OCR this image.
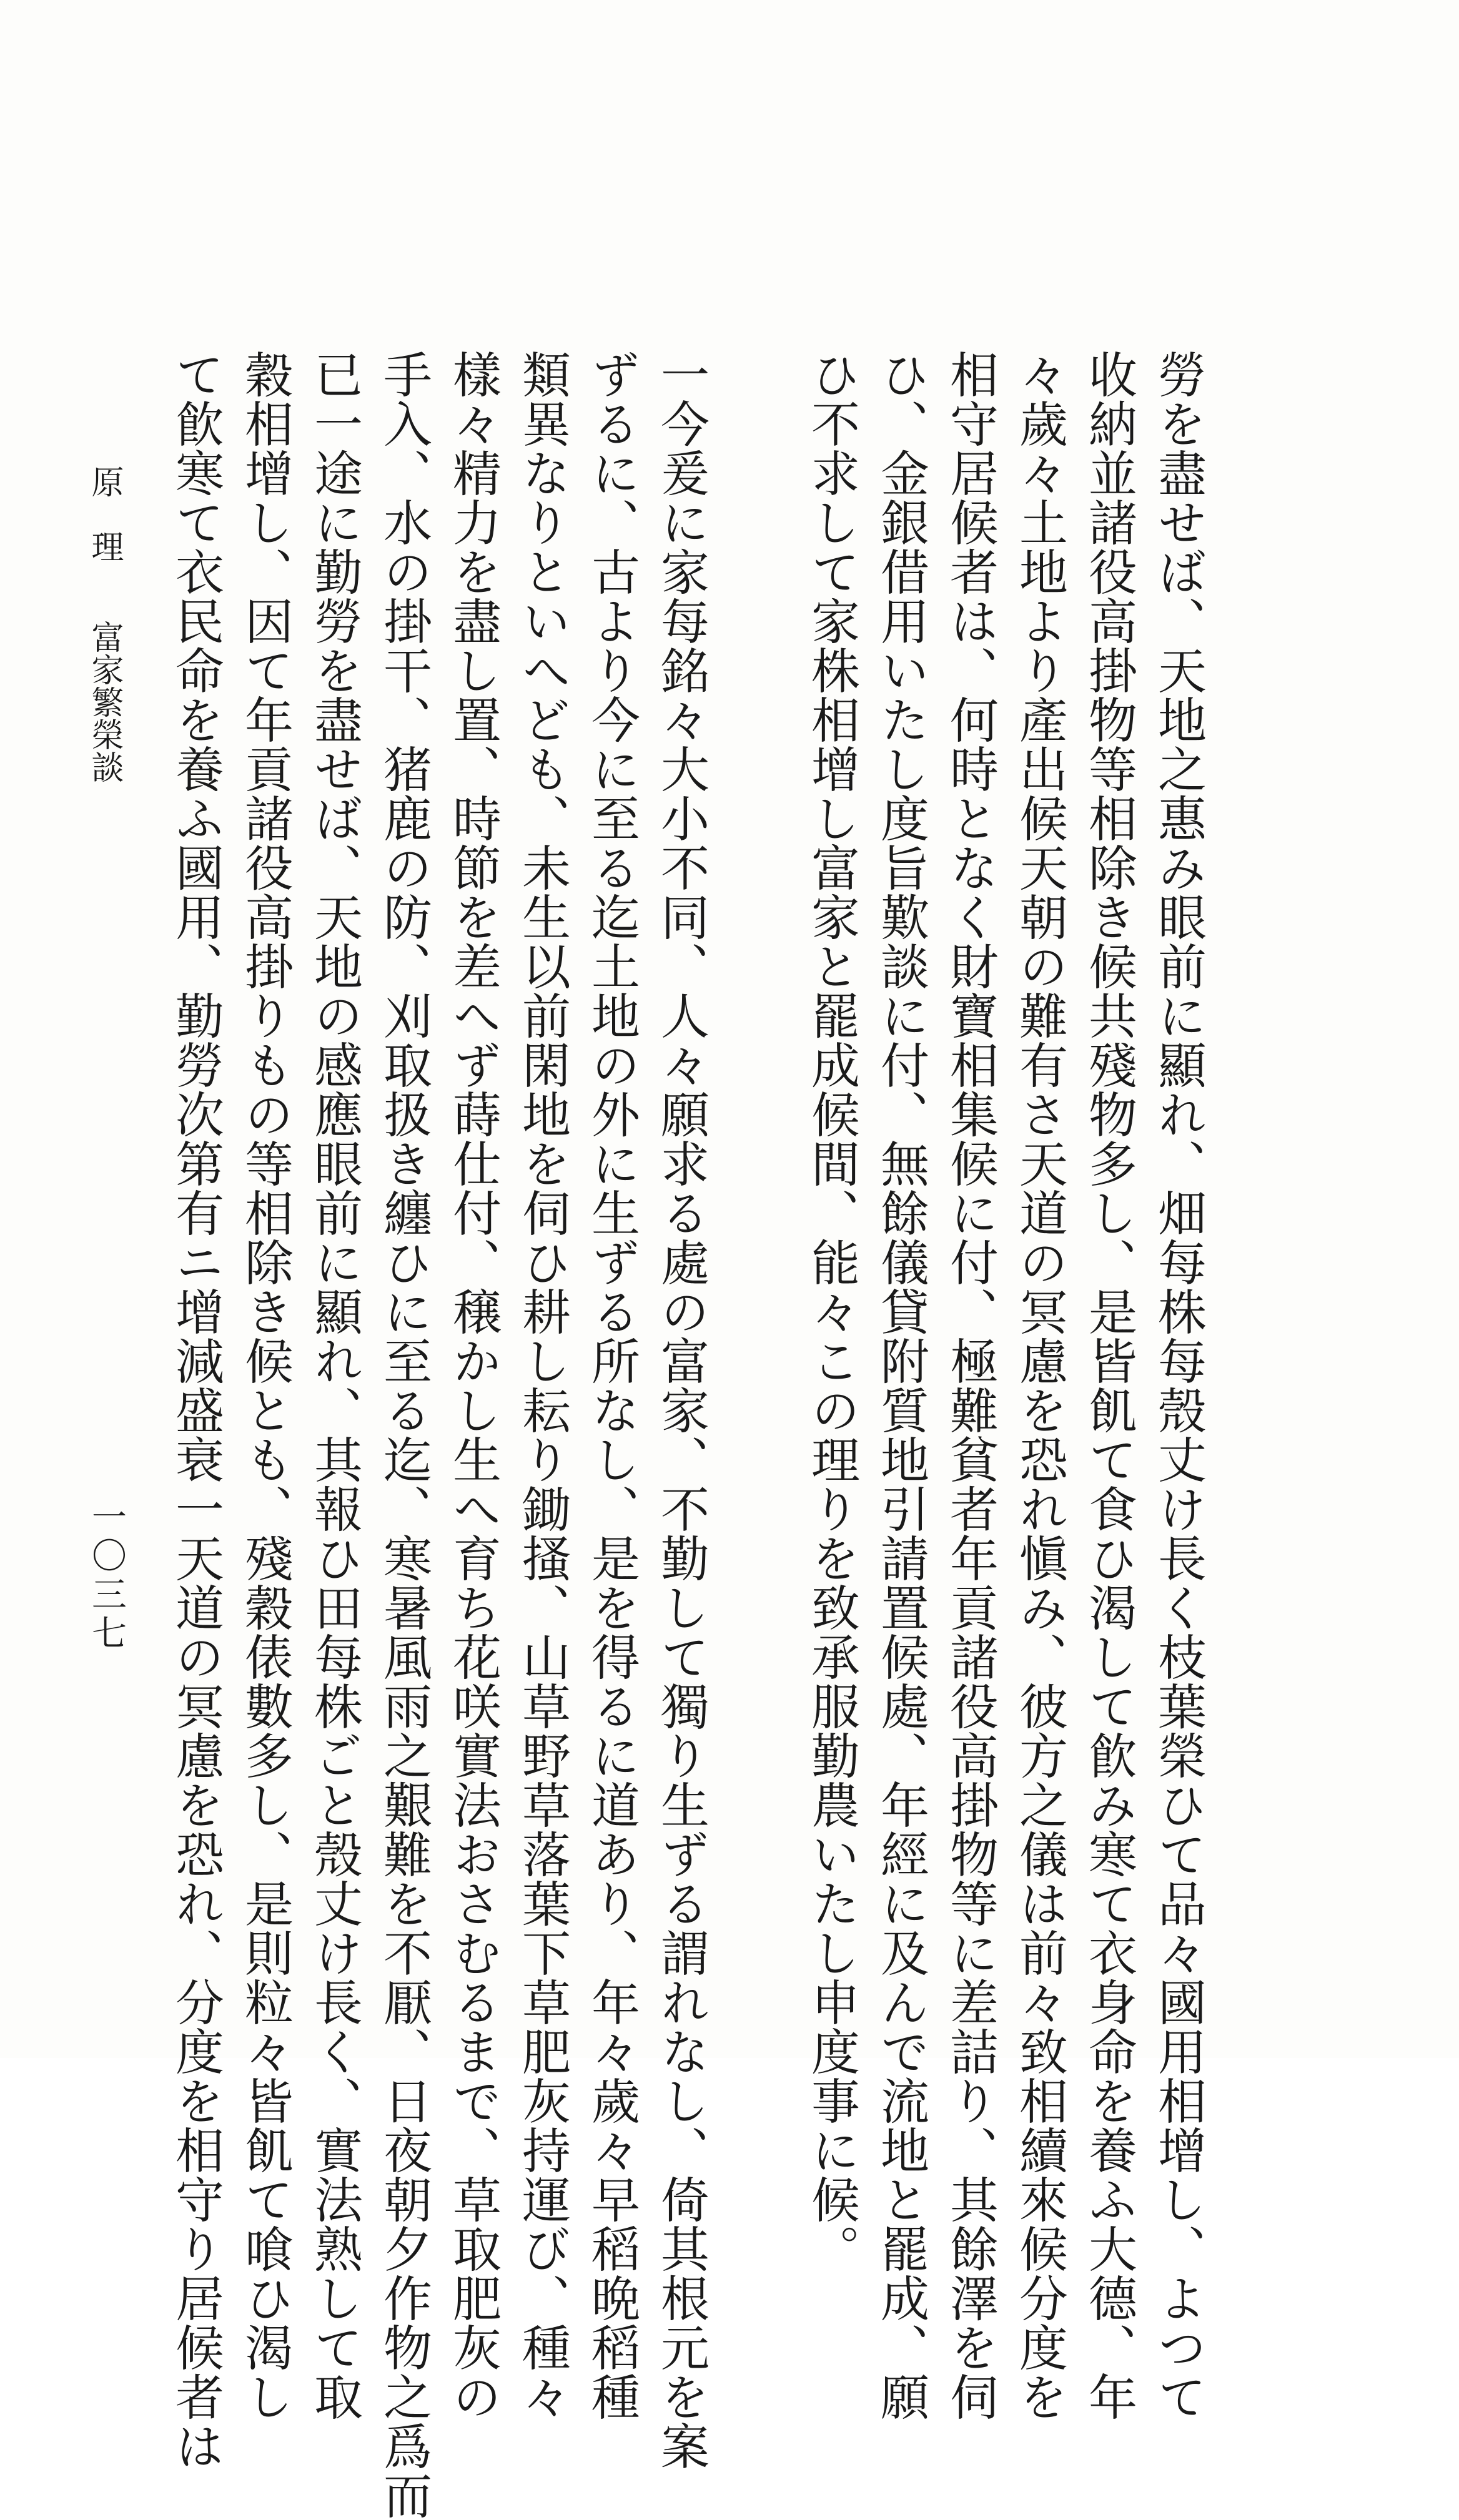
勞を盡せば、天地之惠み眼前に顯れ、畑每株每殼丈け長く枝葉榮ひて品々國用相增し、よつて
收納並諸役高掛物等相除き候共殘物多し、是皆飢て食ひ渴して飮み寒て衣身命を養ふ大德、年
々歲々土地より產出候天朝の難有さ天道の冥慮を恐れ愼み、彼方之儀は前々致相續來候分度を
相守居候者は、何時となく財寶相集候に付、極難貧者年貢諸役高掛物等に差詰り、其餘澤を伺
ひ、金銀借用いたし度旨歎談に付、無餘儀貸附質地引請置候處、年經に及んで流地と罷成、願
ひ不求して家株相增し富家と罷成候間、能々この理りを致承服勤農いたし申度事に候。
一今爰に家每銘々大小不同、人々願求る處の富家、不勤して獨り生ずる謂れなし、倚其根元を案
ずるに、古より今に至る迄土地の外に生ずる所なし、是を得るに道あり、年々歲々早稻晩稻種
類異なりといへども、未生以前閑地を伺ひ耕し耘り鋤搔、山草野草落葉下草肥灰持運び、種々
樣々精力を盡し置、時節を差へず蒔仕付、穣かし生へ育ち花咲實法おさむるまで、草取肥灰の
手入、水の掛干、猪鹿の防、刈取扱き纏ひに至る迄、寒暑風雨之艱難を不厭、日夜朝夕作物之爲而
已一途に勤勞を盡せば、天地の感應眼前に顯れ、其報ひ田每株ごと殼丈け長く、實法熟して取
穀相增し、因て年貢諸役高掛りもの等相除き候とも、殘穀俵數多し、是則粒々皆飢て喰ひ渴し
て飮寒て衣民命を養ふ國用、勤勞次第有ニ增減盛衰一天道の冥慮を恐れ、分度を相守り居候者は
原　理  富家繁榮談
一〇三七
